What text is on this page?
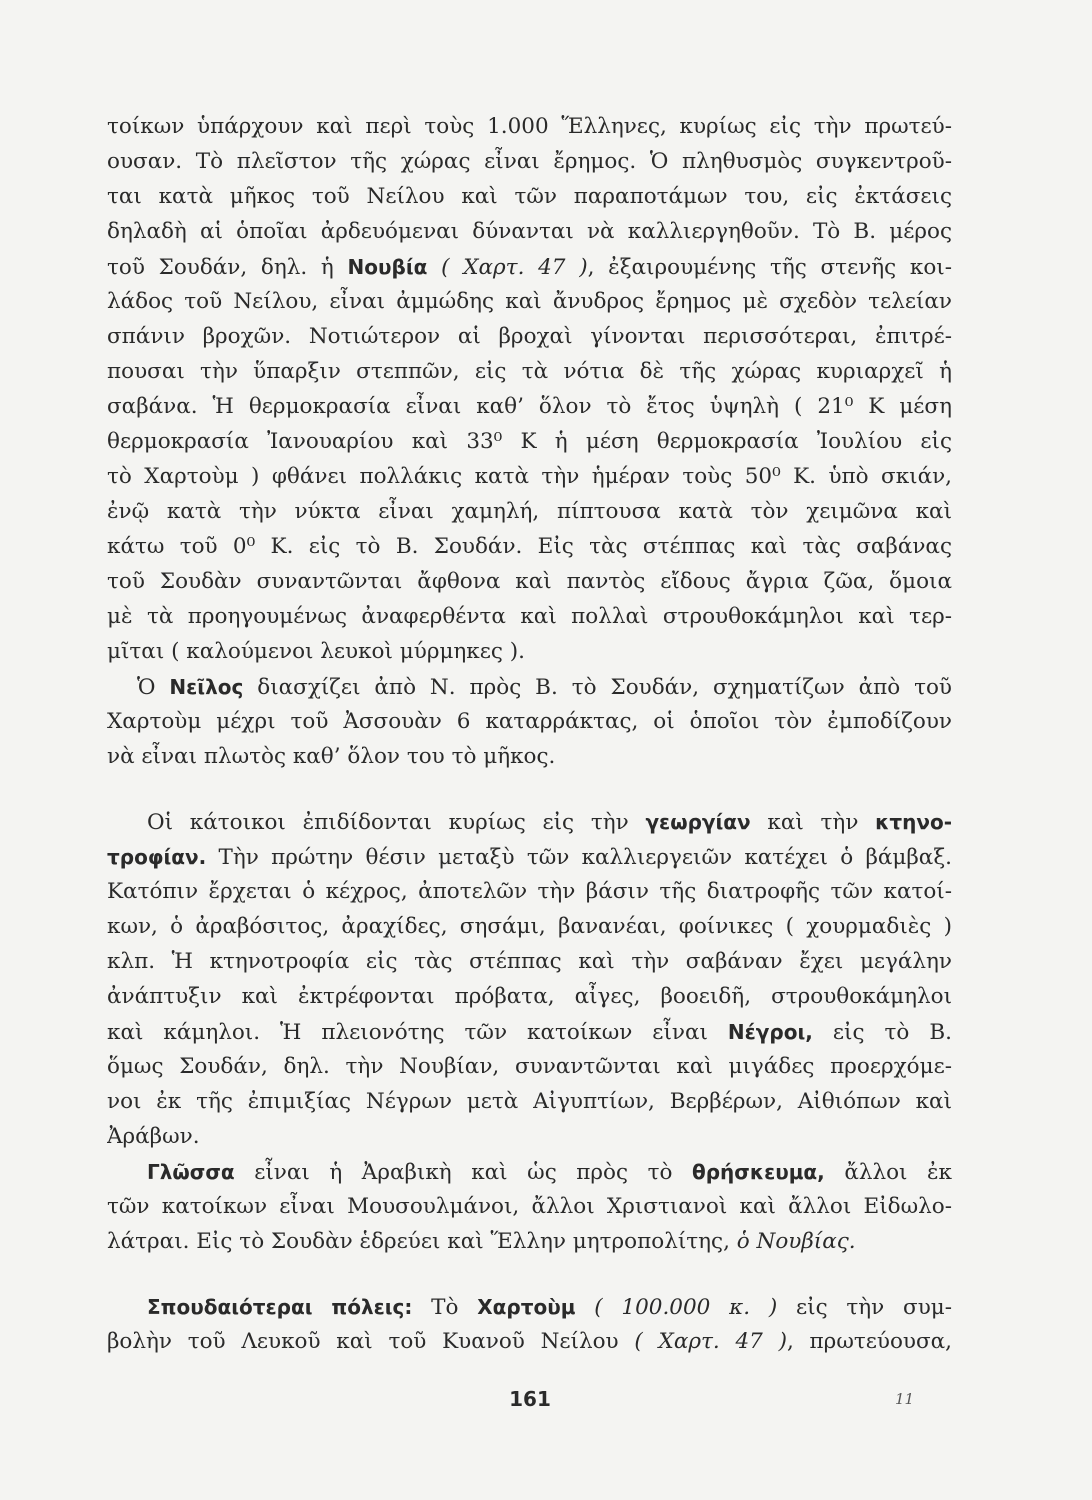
τοίκων ὑπάρχουν καὶ περὶ τοὺς 1.000 Ἕλληνες, κυρίως εἰς τὴν πρωτεύ-
ουσαν. Τὸ πλεῖστον τῆς χώρας εἶναι ἔρημος. Ὁ πληθυσμὸς συγκεντροῦ-
ται κατὰ μῆκος τοῦ Νείλου καὶ τῶν παραποτάμων του, εἰς ἐκτάσεις
δηλαδὴ αἱ ὁποῖαι ἀρδευόμεναι δύνανται νὰ καλλιεργηθοῦν. Τὸ Β. μέρος
τοῦ Σουδάν, δηλ. ἡ Νουβία ( Χαρτ. 47 ), ἐξαιρουμένης τῆς στενῆς κοι-
λάδος τοῦ Νείλου, εἶναι ἀμμώδης καὶ ἄνυδρος ἔρημος μὲ σχεδὸν τελείαν
σπάνιν βροχῶν. Νοτιώτερον αἱ βροχαὶ γίνονται περισσότεραι, ἐπιτρέ-
πουσαι τὴν ὕπαρξιν στεππῶν, εἰς τὰ νότια δὲ τῆς χώρας κυριαρχεῖ ἡ
σαβάνα. Ἡ θερμοκρασία εἶναι καθ’ ὅλον τὸ ἔτος ὑψηλὴ ( 21⁰ Κ μέση
θερμοκρασία Ἰανουαρίου καὶ 33⁰ Κ ἡ μέση θερμοκρασία Ἰουλίου εἰς
τὸ Χαρτοὺμ ) φθάνει πολλάκις κατὰ τὴν ἡμέραν τοὺς 50⁰ Κ. ὑπὸ σκιάν,
ἐνῷ κατὰ τὴν νύκτα εἶναι χαμηλή, πίπτουσα κατὰ τὸν χειμῶνα καὶ
κάτω τοῦ 0⁰ Κ. εἰς τὸ Β. Σουδάν. Εἰς τὰς στέππας καὶ τὰς σαβάνας
τοῦ Σουδὰν συναντῶνται ἄφθονα καὶ παντὸς εἴδους ἄγρια ζῶα, ὅμοια
μὲ τὰ προηγουμένως ἀναφερθέντα καὶ πολλαὶ στρουθοκάμηλοι καὶ τερ-
μῖται ( καλούμενοι λευκοὶ μύρμηκες ).
Ὁ Νεῖλος διασχίζει ἀπὸ Ν. πρὸς Β. τὸ Σουδάν, σχηματίζων ἀπὸ τοῦ
Χαρτοὺμ μέχρι τοῦ Ἀσσουὰν 6 καταρράκτας, οἱ ὁποῖοι τὸν ἐμποδίζουν
νὰ εἶναι πλωτὸς καθ’ ὅλον του τὸ μῆκος.
Οἱ κάτοικοι ἐπιδίδονται κυρίως εἰς τὴν γεωργίαν καὶ τὴν κτηνο-
τροφίαν. Τὴν πρώτην θέσιν μεταξὺ τῶν καλλιεργειῶν κατέχει ὁ βάμβαξ.
Κατόπιν ἔρχεται ὁ κέχρος, ἀποτελῶν τὴν βάσιν τῆς διατροφῆς τῶν κατοί-
κων, ὁ ἀραβόσιτος, ἀραχίδες, σησάμι, βανανέαι, φοίνικες ( χουρμαδιὲς )
κλπ. Ἡ κτηνοτροφία εἰς τὰς στέππας καὶ τὴν σαβάναν ἔχει μεγάλην
ἀνάπτυξιν καὶ ἐκτρέφονται πρόβατα, αἶγες, βοοειδῆ, στρουθοκάμηλοι
καὶ κάμηλοι. Ἡ πλειονότης τῶν κατοίκων εἶναι Νέγροι, εἰς τὸ Β.
ὅμως Σουδάν, δηλ. τὴν Νουβίαν, συναντῶνται καὶ μιγάδες προερχόμε-
νοι ἐκ τῆς ἐπιμιξίας Νέγρων μετὰ Αἰγυπτίων, Βερβέρων, Αἰθιόπων καὶ
Ἀράβων.
Γλῶσσα εἶναι ἡ Ἀραβικὴ καὶ ὡς πρὸς τὸ θρήσκευμα, ἄλλοι ἐκ
τῶν κατοίκων εἶναι Μουσουλμάνοι, ἄλλοι Χριστιανοὶ καὶ ἄλλοι Εἰδωλο-
λάτραι. Εἰς τὸ Σουδὰν ἑδρεύει καὶ Ἕλλην μητροπολίτης, ὁ Νουβίας.
Σπουδαιότεραι πόλεις: Τὸ Χαρτοὺμ ( 100.000 κ. ) εἰς τὴν συμ-
βολὴν τοῦ Λευκοῦ καὶ τοῦ Κυανοῦ Νείλου ( Χαρτ. 47 ), πρωτεύουσα,
161	11
